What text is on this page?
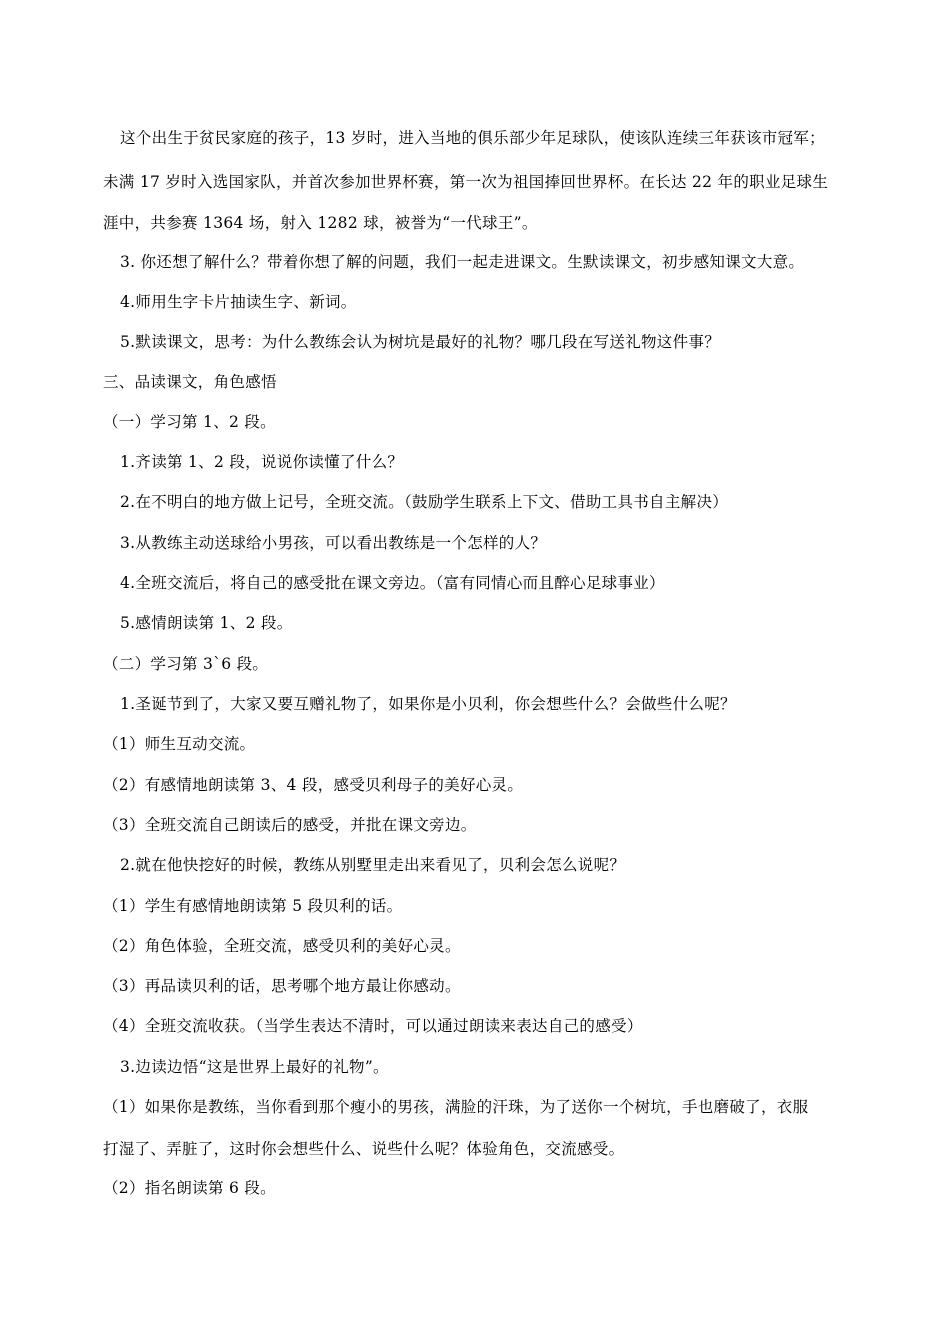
这个出生于贫民家庭的孩子，13 岁时，进入当地的俱乐部少年足球队，使该队连续三年获该市冠军；
未满 17 岁时入选国家队，并首次参加世界杯赛，第一次为祖国捧回世界杯。在长达 22 年的职业足球生
涯中，共参赛 1364 场，射入 1282 球，被誉为“一代球王”。
3. 你还想了解什么？带着你想了解的问题，我们一起走进课文。生默读课文，初步感知课文大意。
4.师用生字卡片抽读生字、新词。
5.默读课文，思考：为什么教练会认为树坑是最好的礼物？哪几段在写送礼物这件事？
三、品读课文，角色感悟
（一）学习第 1、2 段。
1.齐读第 1、2 段，说说你读懂了什么？
2.在不明白的地方做上记号，全班交流。（鼓励学生联系上下文、借助工具书自主解决）
3.从教练主动送球给小男孩，可以看出教练是一个怎样的人？
4.全班交流后，将自己的感受批在课文旁边。（富有同情心而且醉心足球事业）
5.感情朗读第 1、2 段。
（二）学习第 3`6 段。
1.圣诞节到了，大家又要互赠礼物了，如果你是小贝利，你会想些什么？会做些什么呢？
（1）师生互动交流。
（2）有感情地朗读第 3、4 段，感受贝利母子的美好心灵。
（3）全班交流自己朗读后的感受，并批在课文旁边。
2.就在他快挖好的时候，教练从别墅里走出来看见了，贝利会怎么说呢？
（1）学生有感情地朗读第 5 段贝利的话。
（2）角色体验，全班交流，感受贝利的美好心灵。
（3）再品读贝利的话，思考哪个地方最让你感动。
（4）全班交流收获。（当学生表达不清时，可以通过朗读来表达自己的感受）
3.边读边悟“这是世界上最好的礼物”。
（1）如果你是教练，当你看到那个瘦小的男孩，满脸的汗珠，为了送你一个树坑，手也磨破了，衣服
打湿了、弄脏了，这时你会想些什么、说些什么呢？体验角色，交流感受。
（2）指名朗读第 6 段。
